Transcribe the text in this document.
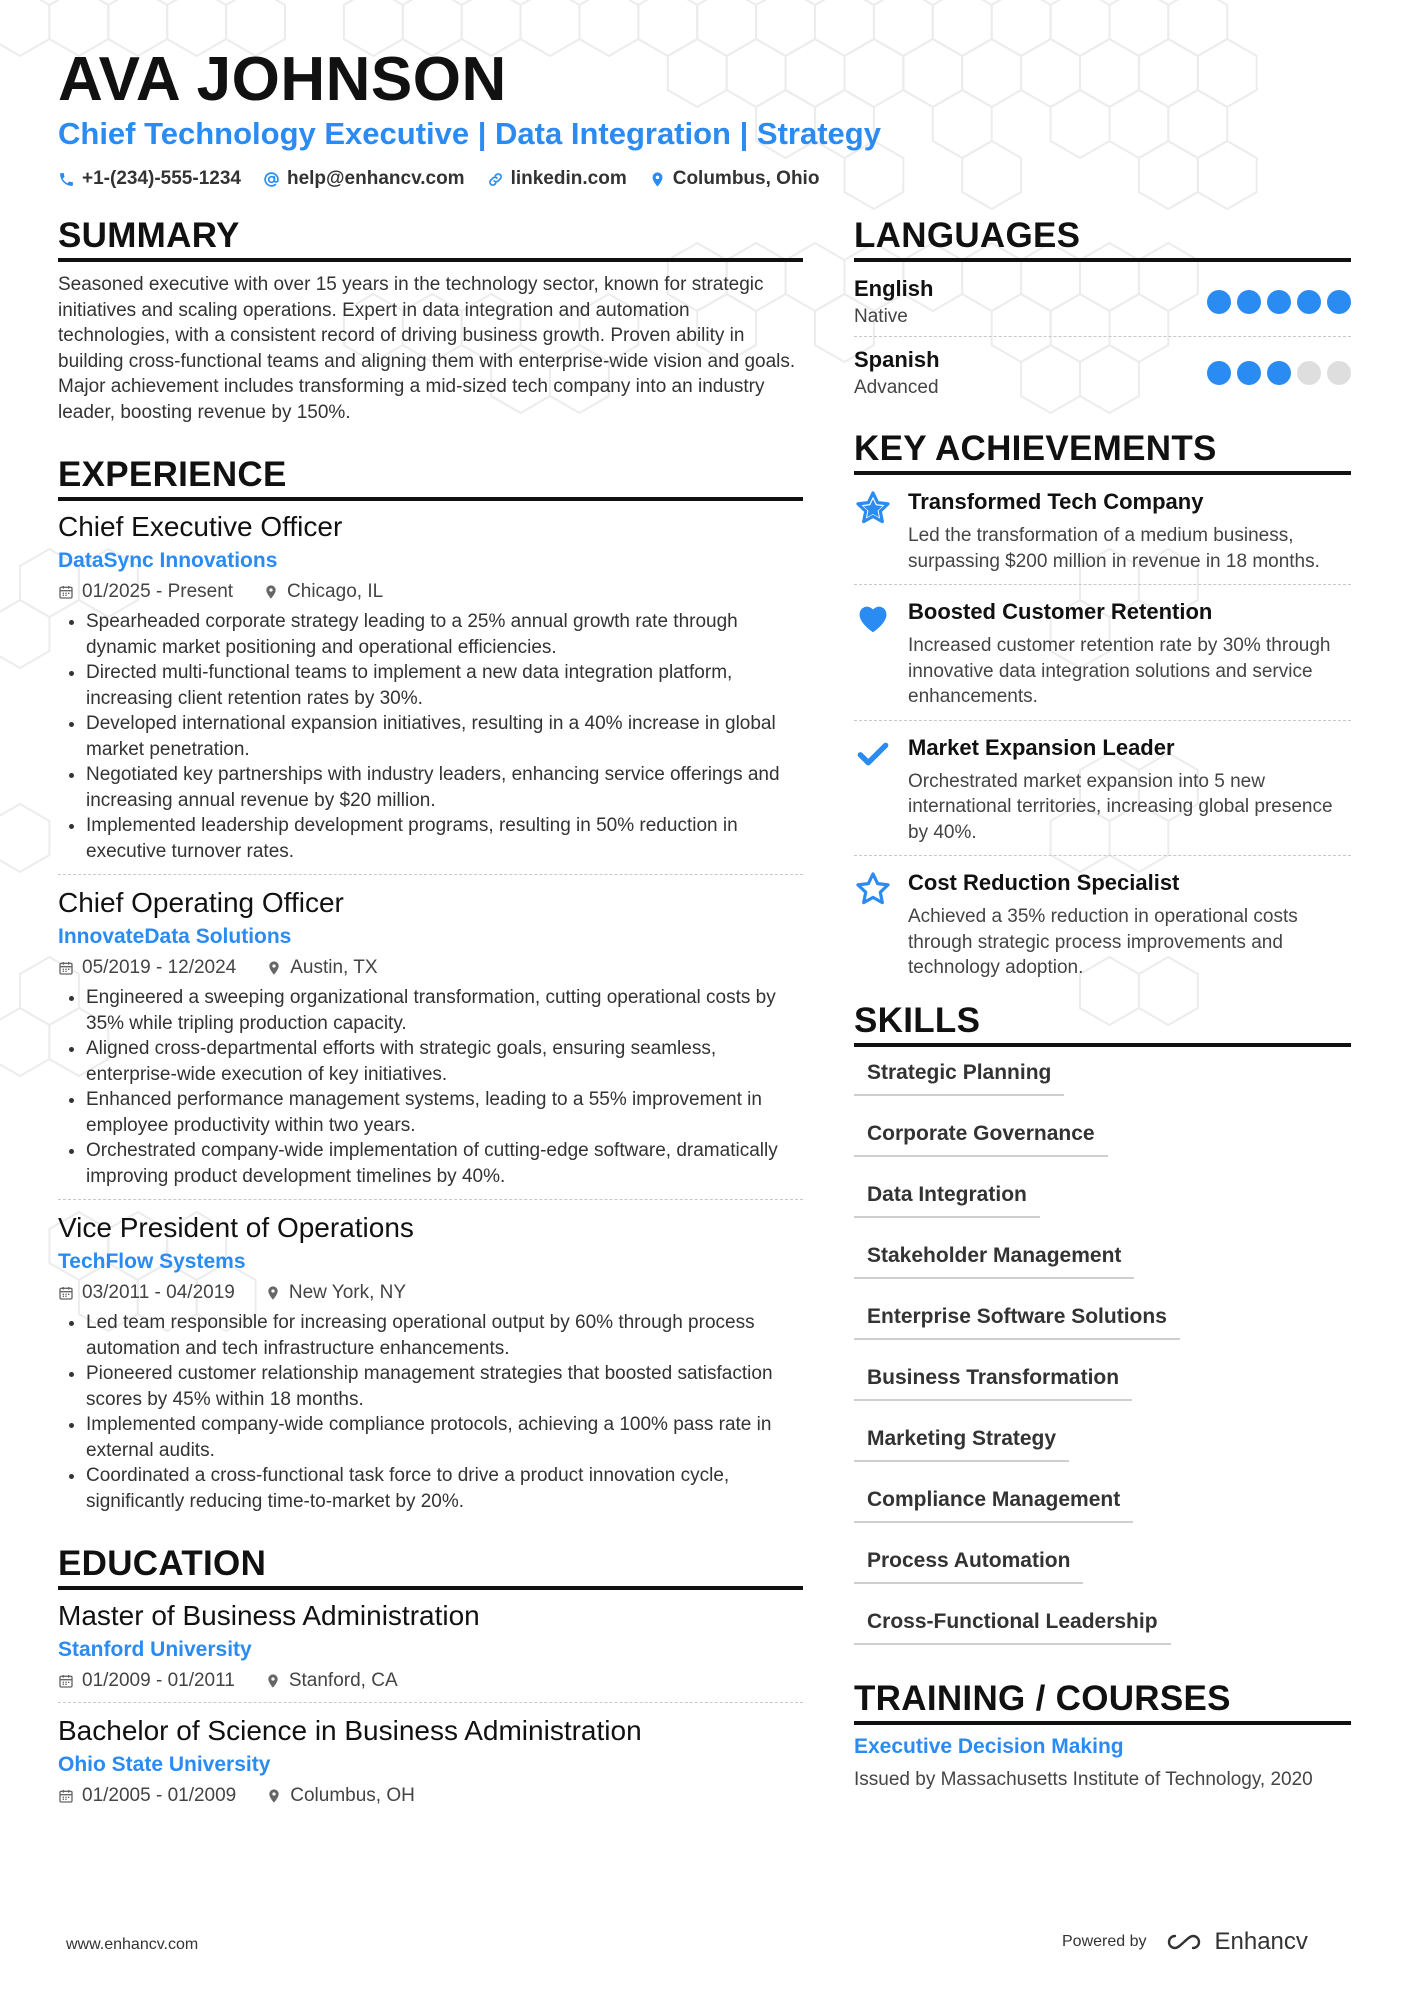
AVA JOHNSON
Chief Technology Executive | Data Integration | Strategy
+1-(234)-555-1234 help@enhancv.com linkedin.com Columbus, Ohio
SUMMARY
Seasoned executive with over 15 years in the technology sector, known for strategic initiatives and scaling operations. Expert in data integration and automation technologies, with a consistent record of driving business growth. Proven ability in building cross-functional teams and aligning them with enterprise-wide vision and goals. Major achievement includes transforming a mid-sized tech company into an industry leader, boosting revenue by 150%.
EXPERIENCE
Chief Executive Officer
DataSync Innovations
01/2025 - Present	Chicago, IL
• Spearheaded corporate strategy leading to a 25% annual growth rate through dynamic market positioning and operational efficiencies.
• Directed multi-functional teams to implement a new data integration platform, increasing client retention rates by 30%.
• Developed international expansion initiatives, resulting in a 40% increase in global market penetration.
• Negotiated key partnerships with industry leaders, enhancing service offerings and increasing annual revenue by $20 million.
• Implemented leadership development programs, resulting in 50% reduction in executive turnover rates.
Chief Operating Officer
InnovateData Solutions
05/2019 - 12/2024	Austin, TX
• Engineered a sweeping organizational transformation, cutting operational costs by 35% while tripling production capacity.
• Aligned cross-departmental efforts with strategic goals, ensuring seamless, enterprise-wide execution of key initiatives.
• Enhanced performance management systems, leading to a 55% improvement in employee productivity within two years.
• Orchestrated company-wide implementation of cutting-edge software, dramatically improving product development timelines by 40%.
Vice President of Operations
TechFlow Systems
03/2011 - 04/2019	New York, NY
• Led team responsible for increasing operational output by 60% through process automation and tech infrastructure enhancements.
• Pioneered customer relationship management strategies that boosted satisfaction scores by 45% within 18 months.
• Implemented company-wide compliance protocols, achieving a 100% pass rate in external audits.
• Coordinated a cross-functional task force to drive a product innovation cycle, significantly reducing time-to-market by 20%.
EDUCATION
Master of Business Administration
Stanford University
01/2009 - 01/2011	Stanford, CA
Bachelor of Science in Business Administration
Ohio State University
01/2005 - 01/2009	Columbus, OH
LANGUAGES
English
Native
Spanish
Advanced
KEY ACHIEVEMENTS
Transformed Tech Company
Led the transformation of a medium business, surpassing $200 million in revenue in 18 months.
Boosted Customer Retention
Increased customer retention rate by 30% through innovative data integration solutions and service enhancements.
Market Expansion Leader
Orchestrated market expansion into 5 new international territories, increasing global presence by 40%.
Cost Reduction Specialist
Achieved a 35% reduction in operational costs through strategic process improvements and technology adoption.
SKILLS
Strategic Planning
Corporate Governance
Data Integration
Stakeholder Management
Enterprise Software Solutions
Business Transformation
Marketing Strategy
Compliance Management
Process Automation
Cross-Functional Leadership
TRAINING / COURSES
Executive Decision Making
Issued by Massachusetts Institute of Technology, 2020
www.enhancv.com	Powered by	Enhancv
